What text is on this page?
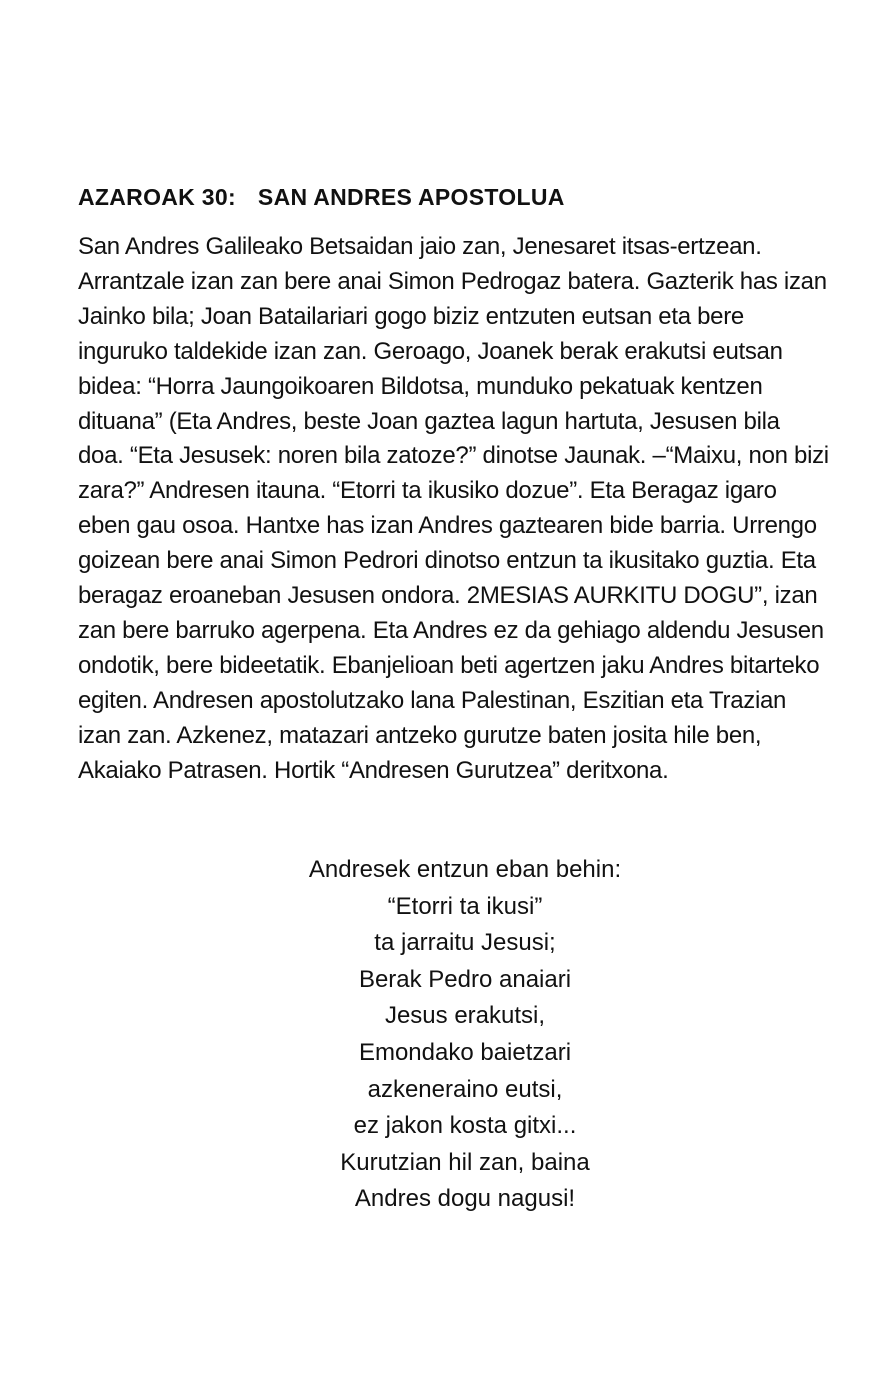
AZAROAK 30: SAN ANDRES APOSTOLUA

San Andres Galileako Betsaidan jaio zan, Jenesaret itsas-ertzean.
Arrantzale izan zan bere anai Simon Pedrogaz batera. Gazterik has izan
Jainko bila; Joan Batailariari gogo biziz entzuten eutsan eta bere
inguruko taldekide izan zan. Geroago, Joanek berak erakutsi eutsan
bidea: “Horra Jaungoikoaren Bildotsa, munduko pekatuak kentzen
dituana” (Eta Andres, beste Joan gaztea lagun hartuta, Jesusen bila
doa. “Eta Jesusek: noren bila zatoze?” dinotse Jaunak. –“Maixu, non bizi
zara?” Andresen itauna. “Etorri ta ikusiko dozue”. Eta Beragaz igaro
eben gau osoa. Hantxe has izan Andres gaztearen bide barria. Urrengo
goizean bere anai Simon Pedrori dinotso entzun ta ikusitako guztia. Eta
beragaz eroaneban Jesusen ondora. 2MESIAS AURKITU DOGU”, izan
zan bere barruko agerpena. Eta Andres ez da gehiago aldendu Jesusen
ondotik, bere bideetatik. Ebanjelioan beti agertzen jaku Andres bitarteko
egiten. Andresen apostolutzako lana Palestinan, Eszitian eta Trazian
izan zan. Azkenez, matazari antzeko gurutze baten josita hile ben,
Akaiako Patrasen. Hortik “Andresen Gurutzea” deritxona.

Andresek entzun eban behin:
“Etorri ta ikusi”
ta jarraitu Jesusi;
Berak Pedro anaiari
Jesus erakutsi,
Emondako baietzari
azkeneraino eutsi,
ez jakon kosta gitxi...
Kurutzian hil zan, baina
Andres dogu nagusi!
